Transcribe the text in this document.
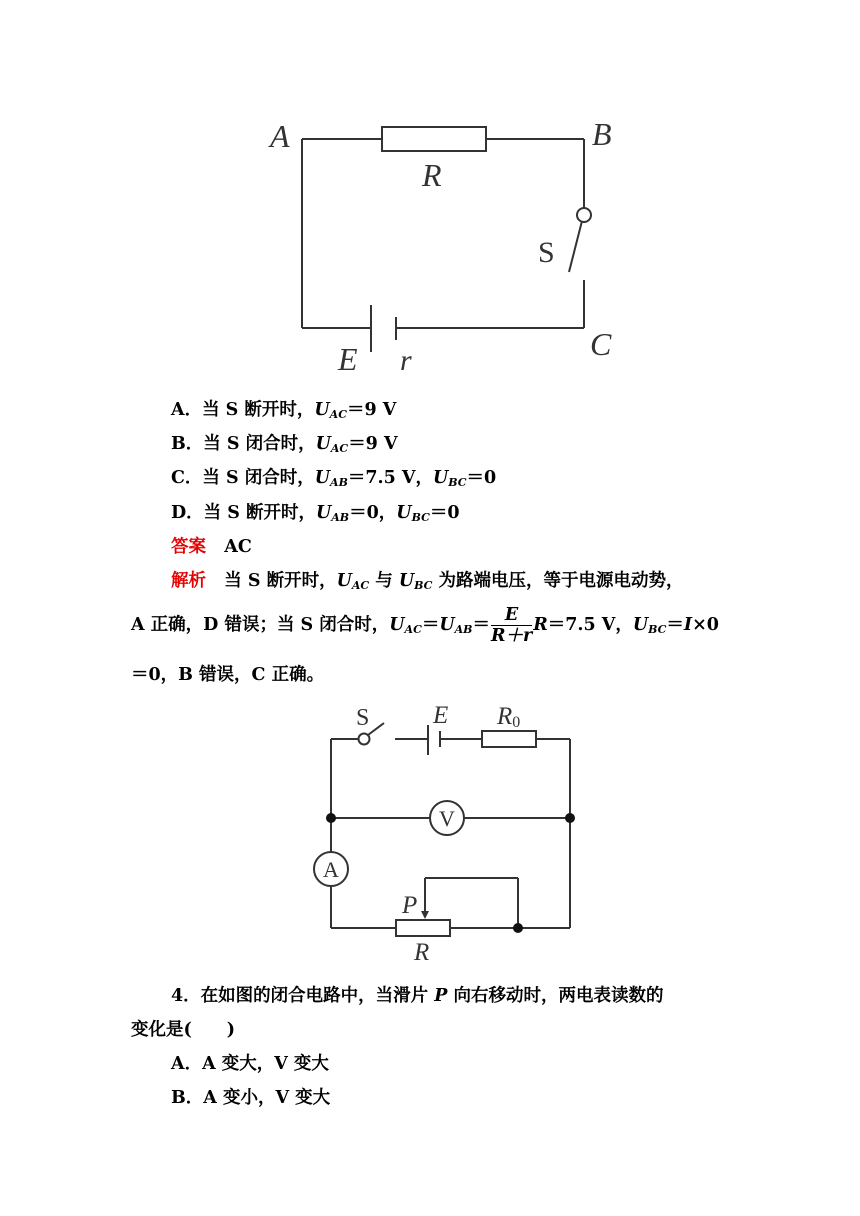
A	B
R
S
C
E r
A．当 S 断开时，$U_{AC}=9$ V
B．当 S 闭合时，$U_{AC}=9$ V
C．当 S 闭合时，$U_{AB}=7.5$ V，$U_{BC}=0$
D．当 S 断开时，$U_{AB}=0$，$U_{BC}=0$
答案 AC
解析 当 S 断开时，$U_{AC}$ 与 $U_{BC}$ 为路端电压，等于电源电动势，
A 正确，D 错误；当 S 闭合时，$U_{AC}=U_{AB}= \frac{E}{R+r} R=7.5$ V，$U_{BC}=I\times 0$
＝0，B 错误，C 正确。
S	E R0
V
A
P
R
4．在如图的闭合电路中，当滑片 P 向右移动时，两电表读数的
变化是(　　)
A．A 变大，V 变大
B．A 变小，V 变大
